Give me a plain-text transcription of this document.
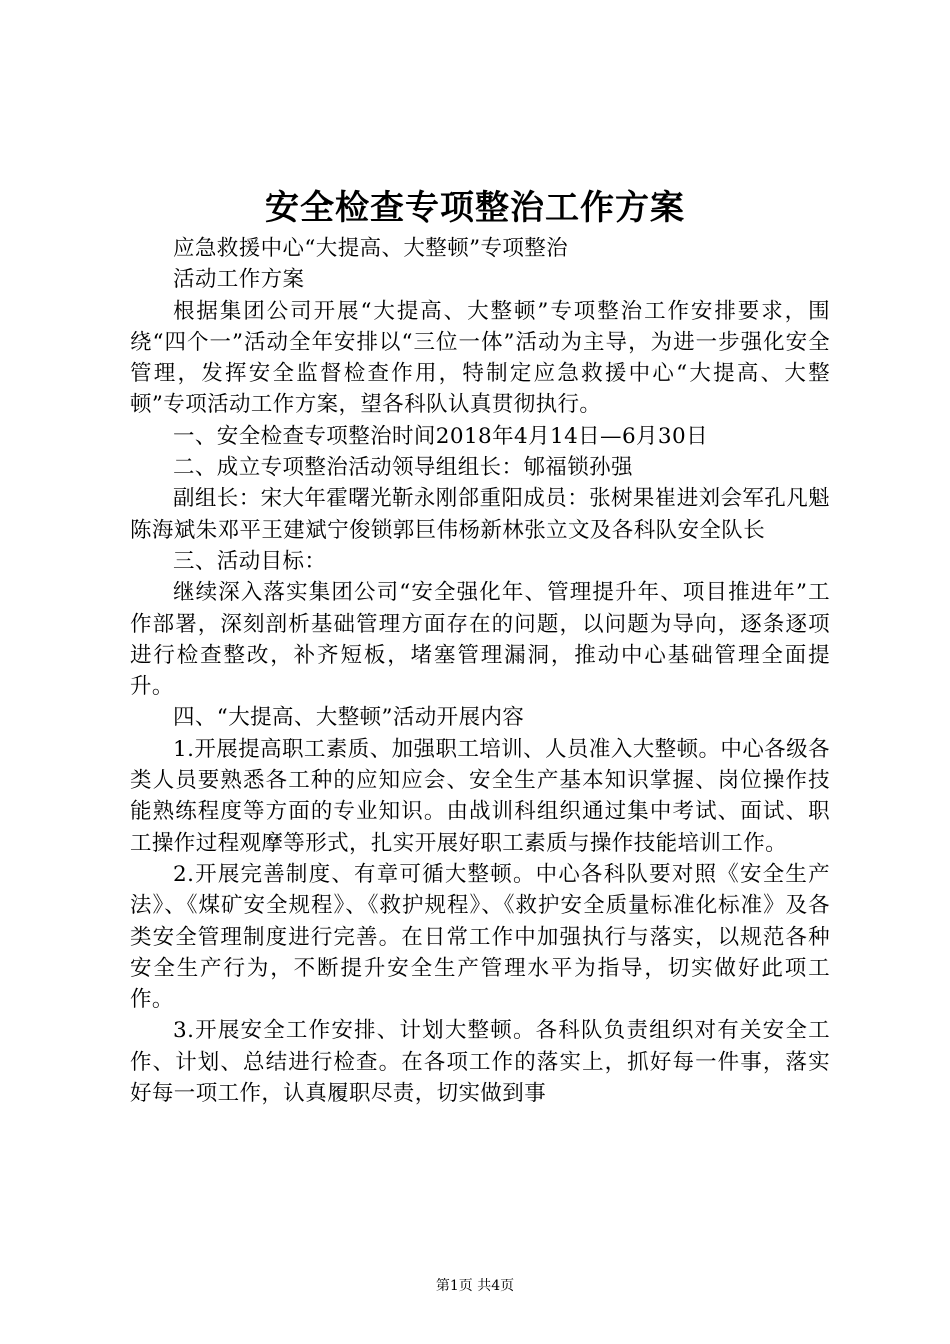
安全检查专项整治工作方案

应急救援中心“大提高、大整顿”专项整治

活动工作方案

根据集团公司开展“大提高、大整顿”专项整治工作安排要求，围绕“四个一”活动全年安排以“三位一体”活动为主导，为进一步强化安全管理，发挥安全监督检查作用，特制定应急救援中心“大提高、大整顿”专项活动工作方案，望各科队认真贯彻执行。

一、安全检查专项整治时间2018年4月14日—6月30日

二、成立专项整治活动领导组组长：郇福锁孙强

副组长：宋大年霍曙光靳永刚郃重阳成员：张树果崔进刘会军孔凡魁陈海斌朱邓平王建斌宁俊锁郭巨伟杨新林张立文及各科队安全队长

三、活动目标：

继续深入落实集团公司“安全强化年、管理提升年、项目推进年”工作部署，深刻剖析基础管理方面存在的问题，以问题为导向，逐条逐项进行检查整改，补齐短板，堵塞管理漏洞，推动中心基础管理全面提升。

四、“大提高、大整顿”活动开展内容

1.开展提高职工素质、加强职工培训、人员准入大整顿。中心各级各类人员要熟悉各工种的应知应会、安全生产基本知识掌握、岗位操作技能熟练程度等方面的专业知识。由战训科组织通过集中考试、面试、职工操作过程观摩等形式，扎实开展好职工素质与操作技能培训工作。

2.开展完善制度、有章可循大整顿。中心各科队要对照《安全生产法》、《煤矿安全规程》、《救护规程》、《救护安全质量标准化标准》及各类安全管理制度进行完善。在日常工作中加强执行与落实，以规范各种安全生产行为，不断提升安全生产管理水平为指导，切实做好此项工作。

3.开展安全工作安排、计划大整顿。各科队负责组织对有关安全工作、计划、总结进行检查。在各项工作的落实上，抓好每一件事，落实好每一项工作，认真履职尽责，切实做到事

第1页 共4页
